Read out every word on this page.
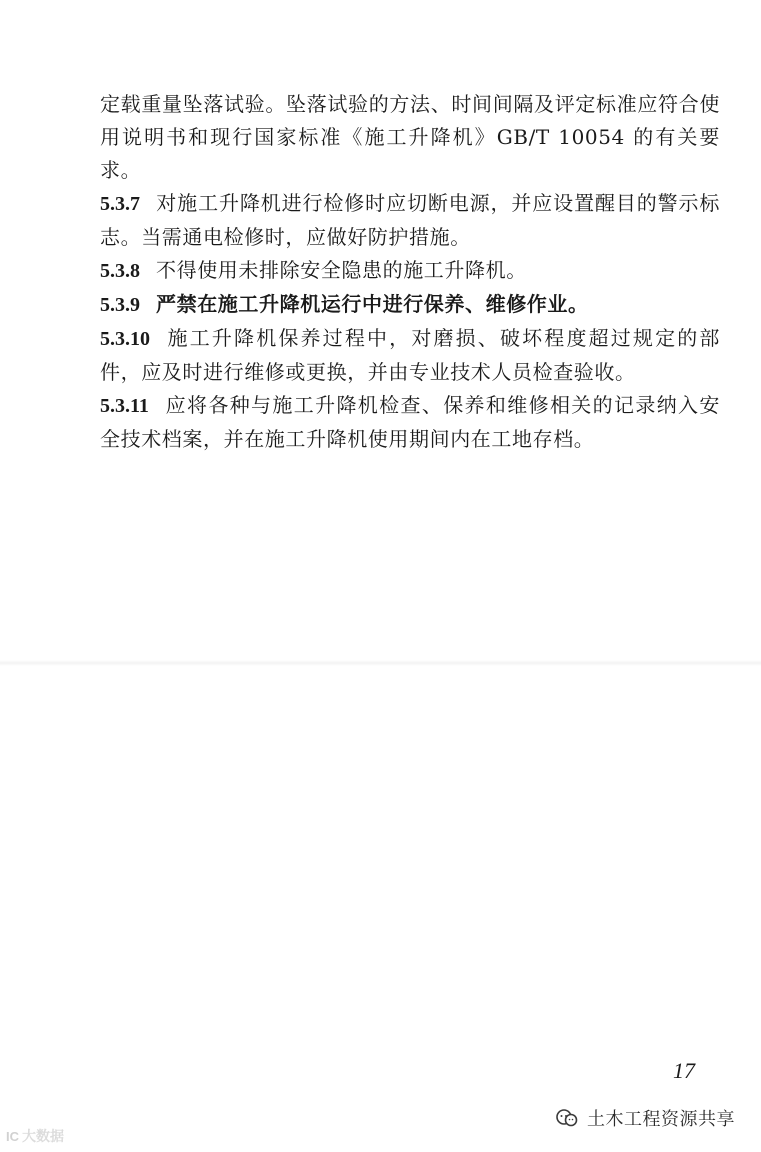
定载重量坠落试验。坠落试验的方法、时间间隔及评定标准应符合使用说明书和现行国家标准《施工升降机》GB/T 10054 的有关要求。

5.3.7 对施工升降机进行检修时应切断电源，并应设置醒目的警示标志。当需通电检修时，应做好防护措施。

5.3.8 不得使用未排除安全隐患的施工升降机。

5.3.9 严禁在施工升降机运行中进行保养、维修作业。

5.3.10 施工升降机保养过程中，对磨损、破坏程度超过规定的部件，应及时进行维修或更换，并由专业技术人员检查验收。

5.3.11 应将各种与施工升降机检查、保养和维修相关的记录纳入安全技术档案，并在施工升降机使用期间内在工地存档。

17
IC 大数据
土木工程资源共享
